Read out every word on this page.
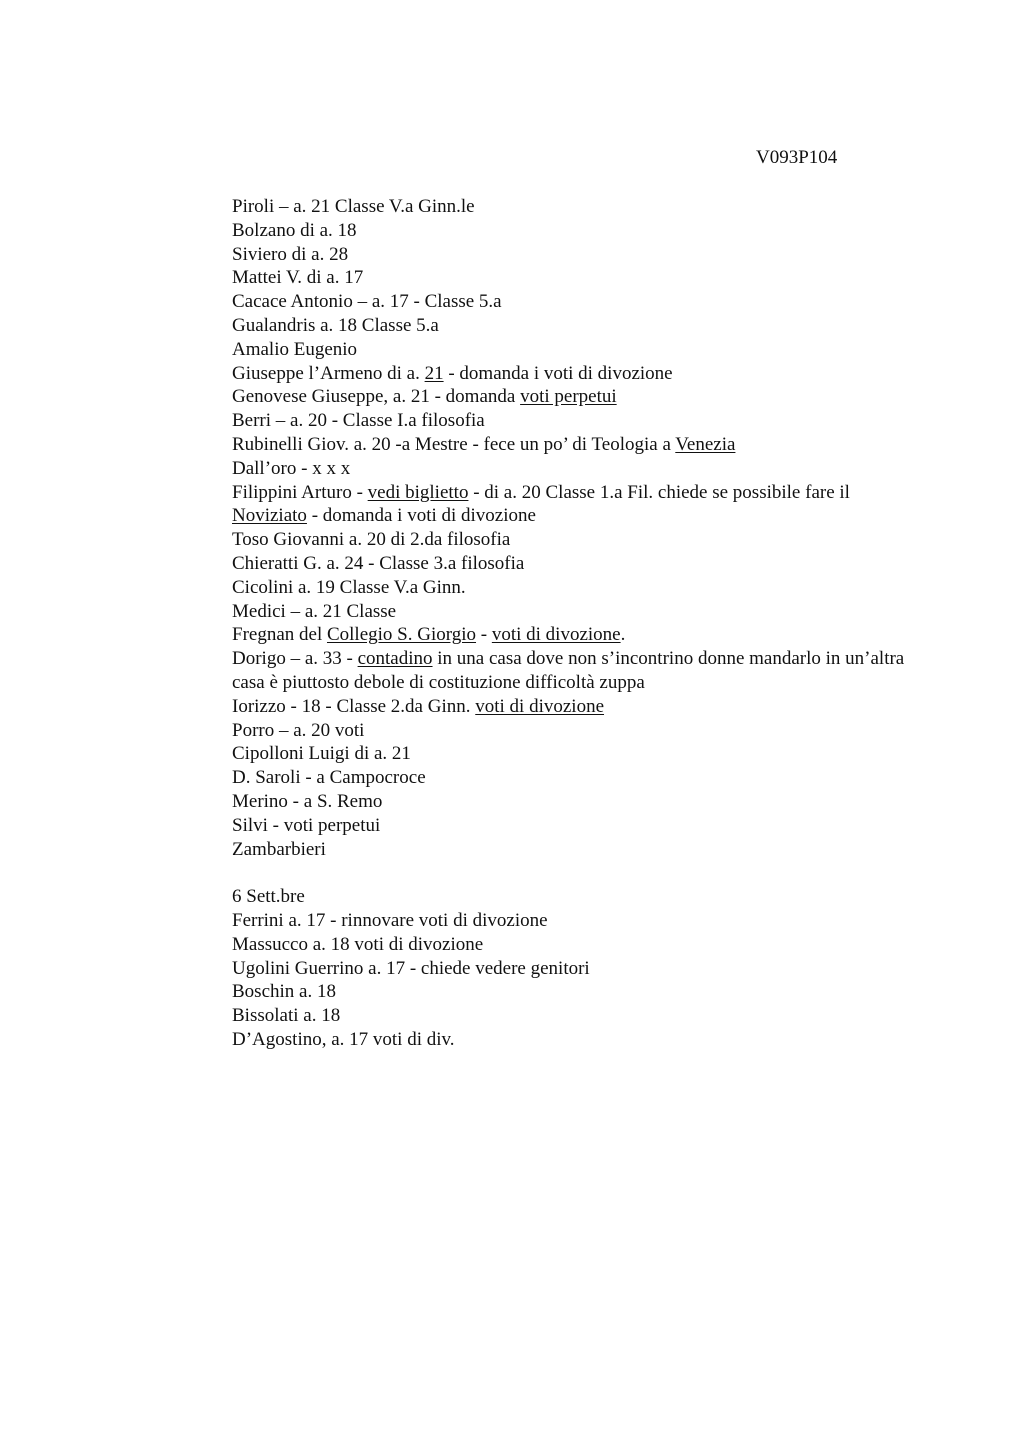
V093P104
Piroli – a. 21 Classe V.a Ginn.le
Bolzano di a. 18
Siviero di a. 28
Mattei V. di a. 17
Cacace Antonio – a. 17 - Classe 5.a
Gualandris a. 18 Classe 5.a
Amalio Eugenio
Giuseppe l’Armeno di a. 21 - domanda i voti di divozione
Genovese Giuseppe, a. 21 - domanda voti perpetui
Berri – a. 20 - Classe I.a filosofia
Rubinelli Giov. a. 20 -a Mestre - fece un po’ di Teologia a Venezia
Dall’oro - x x x
Filippini Arturo - vedi biglietto - di a. 20 Classe 1.a Fil. chiede se possibile fare il Noviziato - domanda i voti di divozione
Toso Giovanni a. 20 di 2.da filosofia
Chieratti G. a. 24 - Classe 3.a filosofia
Cicolini a. 19 Classe V.a Ginn.
Medici – a. 21 Classe
Fregnan del Collegio S. Giorgio - voti di divozione.
Dorigo – a. 33 - contadino in una casa dove non s’incontrino donne mandarlo in un’altra casa è piuttosto debole di costituzione difficoltà zuppa
Iorizzo - 18 - Classe 2.da Ginn. voti di divozione
Porro – a. 20 voti
Cipolloni Luigi di a. 21
D. Saroli - a Campocroce
Merino - a S. Remo
Silvi - voti perpetui
Zambarbieri
6 Sett.bre
Ferrini a. 17 - rinnovare voti di divozione
Massucco a. 18 voti di divozione
Ugolini Guerrino a. 17 - chiede vedere genitori
Boschin a. 18
Bissolati a. 18
D’Agostino, a. 17 voti di div.
